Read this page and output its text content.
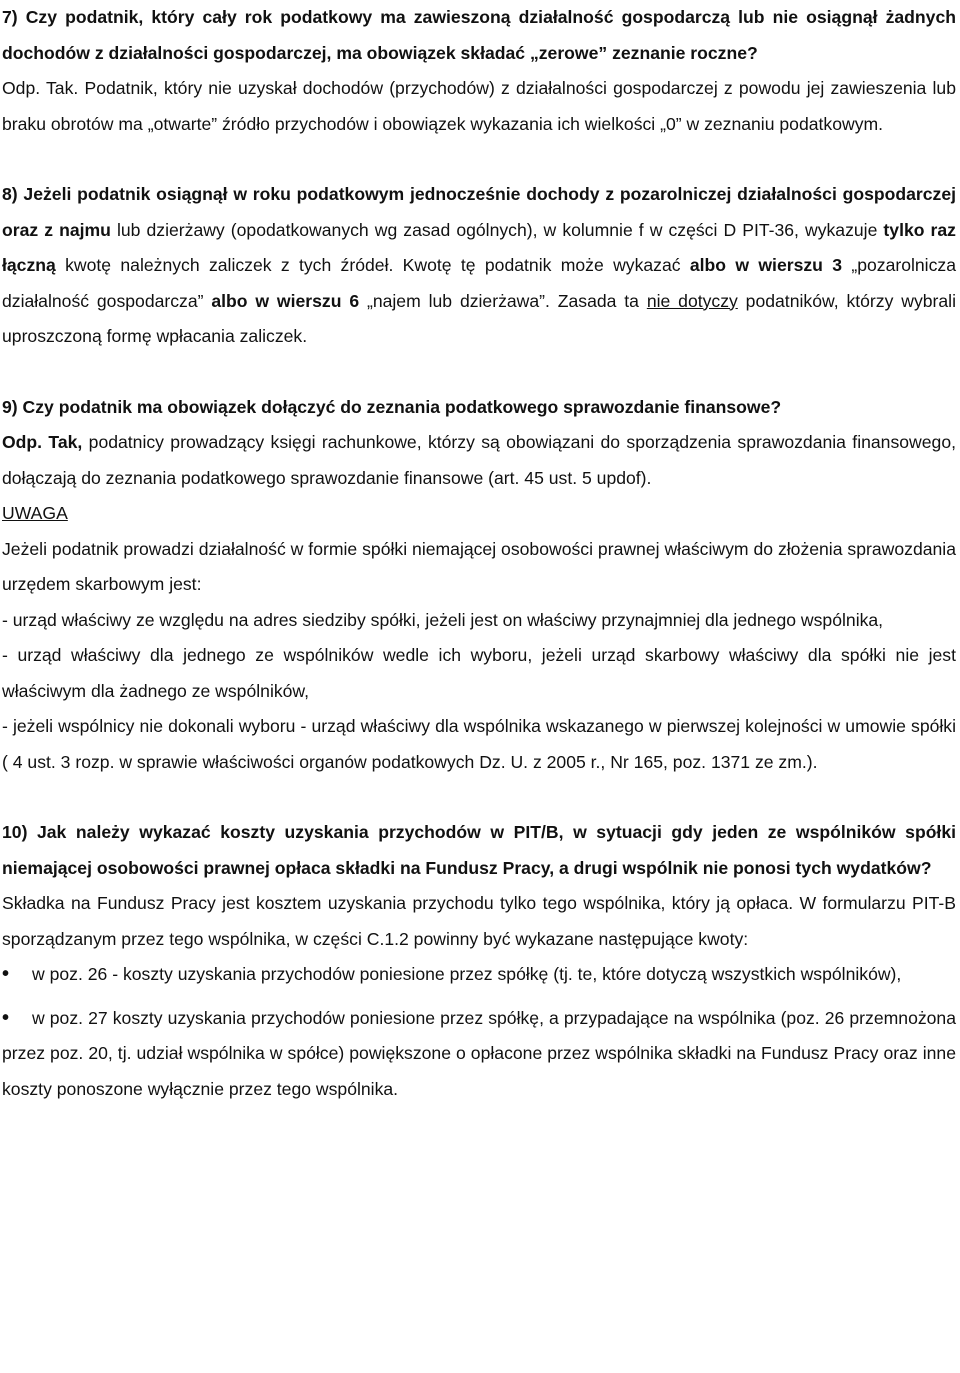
7) Czy podatnik, który cały rok podatkowy ma zawieszoną działalność gospodarczą lub nie osiągnął żadnych dochodów z działalności gospodarczej, ma obowiązek składać „zerowe” zeznanie roczne?

Odp. Tak. Podatnik, który nie uzyskał dochodów (przychodów) z działalności gospodarczej z powodu jej zawieszenia lub braku obrotów ma „otwarte” źródło przychodów i obowiązek wykazania ich wielkości „0” w zeznaniu podatkowym.

8) Jeżeli podatnik osiągnął w roku podatkowym jednocześnie dochody z pozarolniczej działalności gospodarczej oraz z najmu lub dzierżawy (opodatkowanych wg zasad ogólnych), w kolumnie f w części D PIT-36, wykazuje tylko raz łączną kwotę należnych zaliczek z tych źródeł. Kwotę tę podatnik może wykazać albo w wierszu 3 „pozarolnicza działalność gospodarcza” albo w wierszu 6 „najem lub dzierżawa”. Zasada ta nie dotyczy podatników, którzy wybrali uproszczoną formę wpłacania zaliczek.

9) Czy podatnik ma obowiązek dołączyć do zeznania podatkowego sprawozdanie finansowe?

Odp. Tak, podatnicy prowadzący księgi rachunkowe, którzy są obowiązani do sporządzenia sprawozdania finansowego, dołączają do zeznania podatkowego sprawozdanie finansowe (art. 45 ust. 5 updof).

UWAGA

Jeżeli podatnik prowadzi działalność w formie spółki niemającej osobowości prawnej właściwym do złożenia sprawozdania urzędem skarbowym jest:

- urząd właściwy ze względu na adres siedziby spółki, jeżeli jest on właściwy przynajmniej dla jednego wspólnika,

- urząd właściwy dla jednego ze wspólników wedle ich wyboru, jeżeli urząd skarbowy właściwy dla spółki nie jest właściwym dla żadnego ze wspólników,

- jeżeli wspólnicy nie dokonali wyboru - urząd właściwy dla wspólnika wskazanego w pierwszej kolejności w umowie spółki ( 4 ust. 3 rozp. w sprawie właściwości organów podatkowych Dz. U. z 2005 r., Nr 165, poz. 1371 ze zm.).

10) Jak należy wykazać koszty uzyskania przychodów w PIT/B, w sytuacji gdy jeden ze wspólników spółki niemającej osobowości prawnej opłaca składki na Fundusz Pracy, a drugi wspólnik nie ponosi tych wydatków?

Składka na Fundusz Pracy jest kosztem uzyskania przychodu tylko tego wspólnika, który ją opłaca. W formularzu PIT-B sporządzanym przez tego wspólnika, w części C.1.2 powinny być wykazane następujące kwoty:

• w poz. 26 - koszty uzyskania przychodów poniesione przez spółkę (tj. te, które dotyczą wszystkich wspólników),

• w poz. 27 koszty uzyskania przychodów poniesione przez spółkę, a przypadające na wspólnika (poz. 26 przemnożona przez poz. 20, tj. udział wspólnika w spółce) powiększone o opłacone przez wspólnika składki na Fundusz Pracy oraz inne koszty ponoszone wyłącznie przez tego wspólnika.
